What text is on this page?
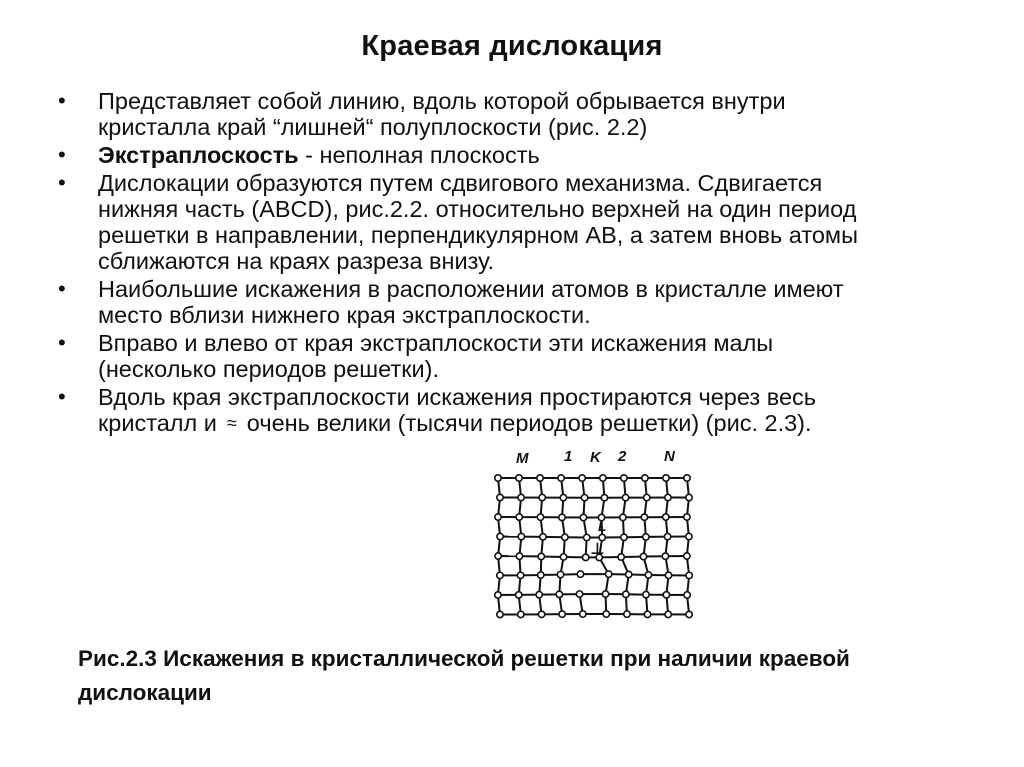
Краевая дислокация
•	Представляет собой линию, вдоль которой обрывается внутри
кристалла край “лишней“ полуплоскости (рис. 2.2)
•	Экстраплоскость - неполная плоскость
•	Дислокации образуются путем сдвигового механизма. Сдвигается
нижняя часть (ABCD), рис.2.2. относительно верхней на один период
решетки в направлении, перпендикулярном АВ, а затем вновь атомы
сближаются на краях разреза внизу.
•	Наибольшие искажения в расположении атомов в кристалле имеют
место вблизи нижнего края экстраплоскости.
•	Вправо и влево от края экстраплоскости эти искажения малы
(несколько периодов решетки).
•	Вдоль края экстраплоскости искажения простираются через весь
кристалл и ≈ очень велики (тысячи периодов решетки) (рис. 2.3).
M 1 K 2	N
L
⊥
Рис.2.3 Искажения в кристаллической решетки при наличии краевой
дислокации
